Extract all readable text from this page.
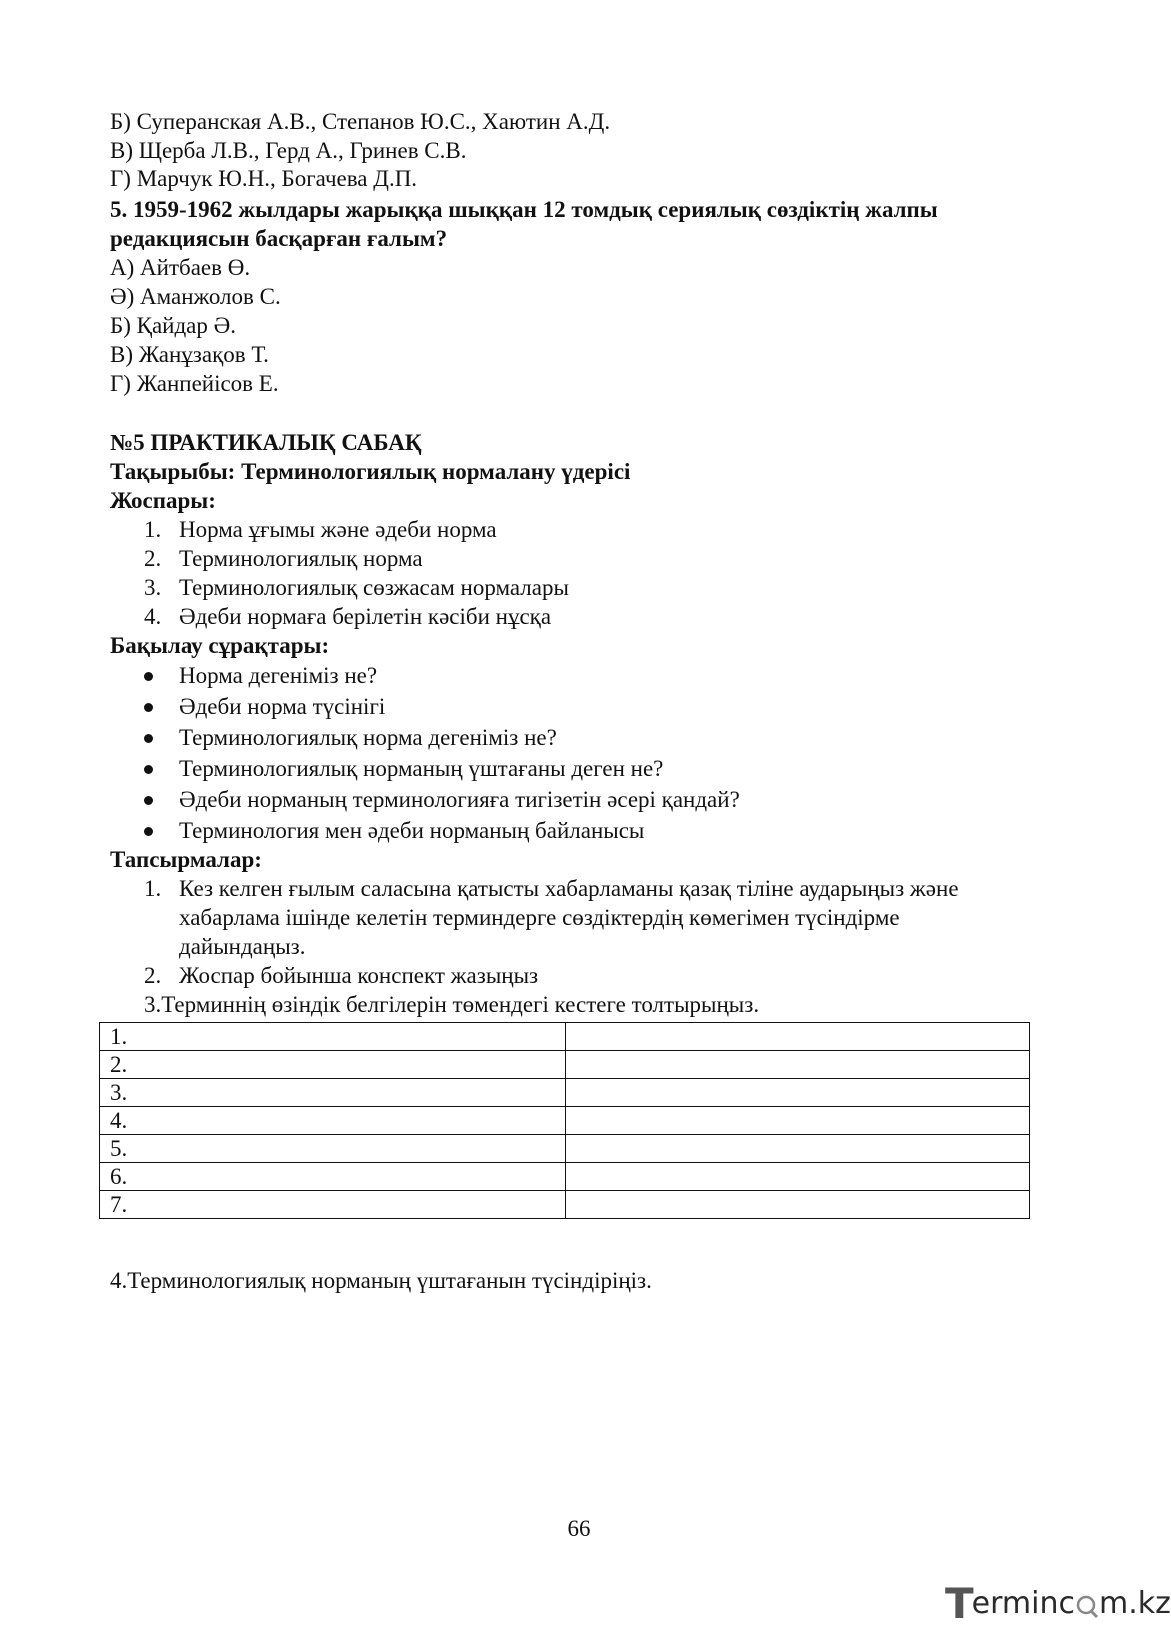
Б) Суперанская А.В., Степанов Ю.С., Хаютин А.Д.
В) Щерба Л.В., Герд А., Гринев С.В.
Г) Марчук Ю.Н., Богачева Д.П.
5. 1959-1962 жылдары жарыққа шыққан 12 томдық сериялық сөздіктің жалпы
редакциясын басқарған ғалым?
А) Айтбаев Ө.
Ә) Аманжолов С.
Б) Қайдар Ә.
В) Жанұзақов Т.
Г) Жанпейісов Е.
№5 ПРАКТИКАЛЫҚ САБАҚ
Тақырыбы: Терминологиялық нормалану үдерісі
Жоспары:
1. Норма ұғымы және әдеби норма
2. Терминологиялық норма
3. Терминологиялық сөзжасам нормалары
4. Әдеби нормаға берілетін кәсіби нұсқа
Бақылау сұрақтары:
Норма дегеніміз не?
Әдеби норма түсінігі
Терминологиялық норма дегеніміз не?
Терминологиялық норманың үштағаны деген не?
Әдеби норманың терминологияға тигізетін әсері қандай?
Терминология мен әдеби норманың байланысы
Тапсырмалар:
1. Кез келген ғылым саласына қатысты хабарламаны қазақ тіліне аударыңыз және
хабарлама ішінде келетін терминдерге сөздіктердің көмегімен түсіндірме
дайындаңыз.
2. Жоспар бойынша конспект жазыңыз
3.Терминнің өзіндік белгілерін төмендегі кестеге толтырыңыз.
1.	
2.	
3.	
4.	
5.	
6.	
7.	
4.Терминологиялық норманың үштағанын түсіндіріңіз.
66
T
erminc m.kz
